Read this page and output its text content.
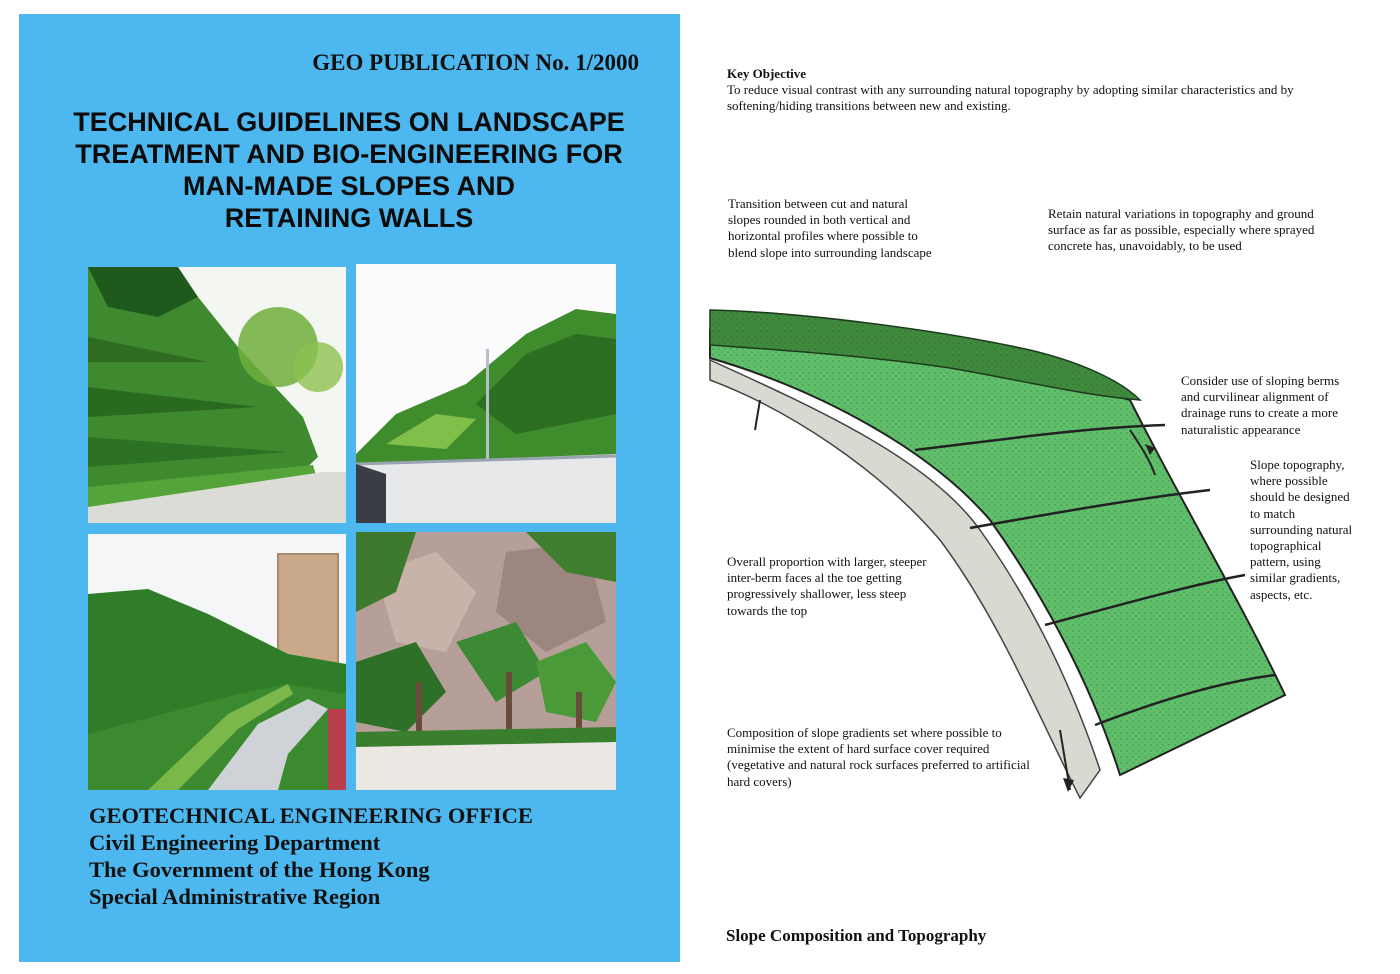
GEO PUBLICATION No. 1/2000
TECHNICAL GUIDELINES ON LANDSCAPE
TREATMENT AND BIO-ENGINEERING FOR
MAN-MADE SLOPES AND
RETAINING WALLS
GEOTECHNICAL ENGINEERING OFFICE
Civil Engineering Department
The Government of the Hong Kong
Special Administrative Region
Key Objective
To reduce visual contrast with any surrounding natural topography by adopting similar characteristics and by softening/hiding transitions between new and existing.
Transition between cut and natural slopes rounded in both vertical and horizontal profiles where possible to blend slope into surrounding landscape
Retain natural variations in topography and ground surface as far as possible, especially where sprayed concrete has, unavoidably, to be used
Consider use of sloping berms and curvilinear alignment of drainage runs to create a more naturalistic appearance
Slope topography, where possible should be designed to match surrounding natural topographical pattern, using similar gradients, aspects, etc.
Overall proportion with larger, steeper inter-berm faces al the toe getting progressively shallower, less steep towards the top
Composition of slope gradients set where possible to minimise the extent of hard surface cover required (vegetative and natural rock surfaces preferred to artificial hard covers)
Slope Composition and Topography
